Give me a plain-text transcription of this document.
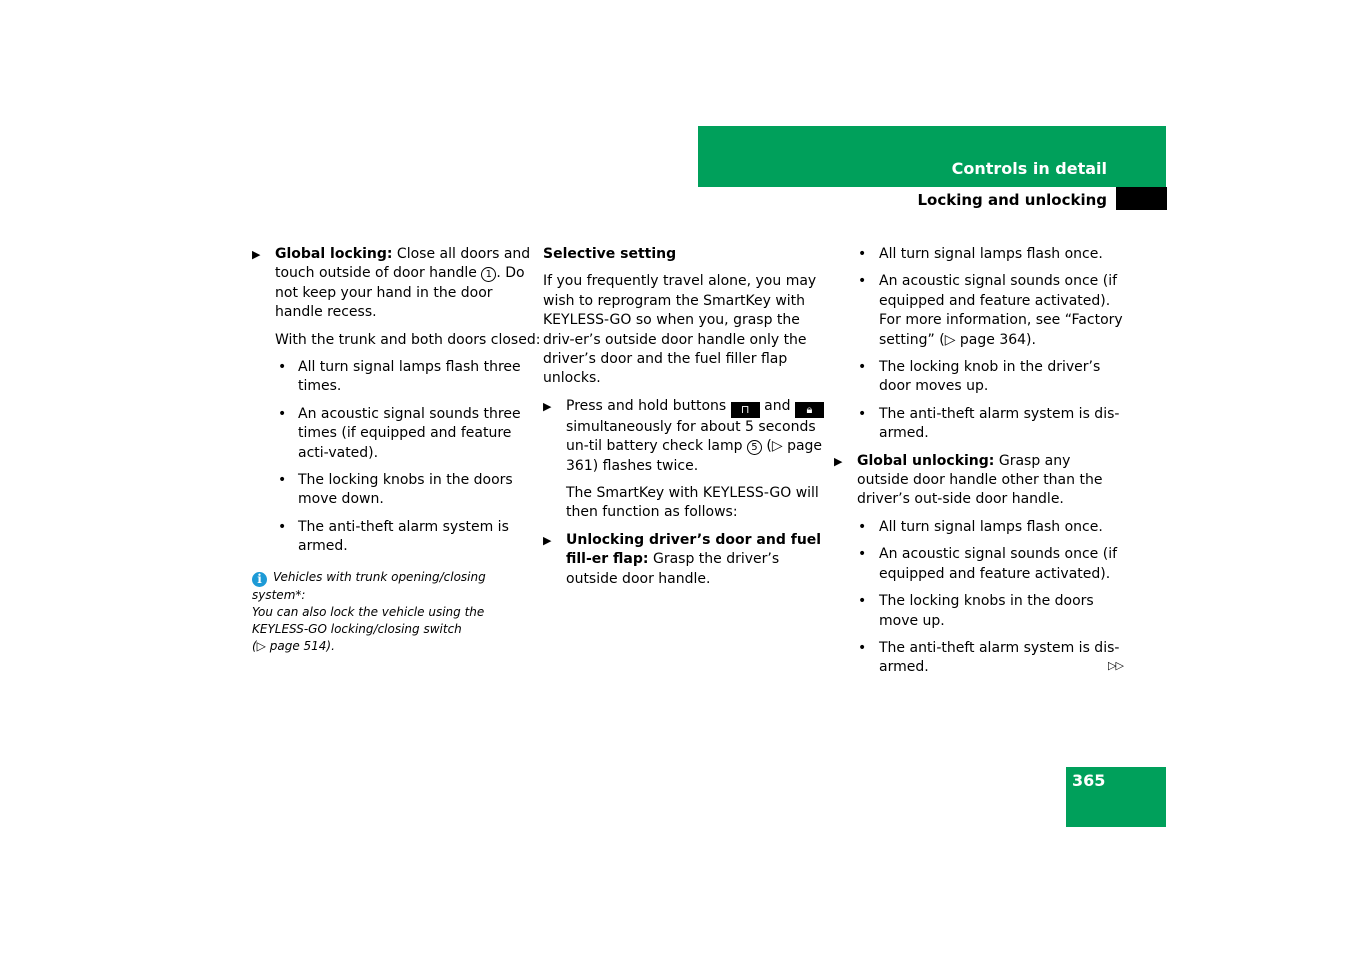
Controls in detail
Locking and unlocking
▶ Global locking: Close all doors and touch outside of door handle 1 . Do not keep your hand in the door handle recess.
With the trunk and both doors closed:
• All turn signal lamps flash three times.
• An acoustic signal sounds three times (if equipped and feature acti-vated).
• The locking knobs in the doors move down.
• The anti-theft alarm system is armed.
i Vehicles with trunk opening/closing system*:
You can also lock the vehicle using the KEYLESS-GO locking/closing switch
(▷ page 514).
Selective setting
If you frequently travel alone, you may wish to reprogram the SmartKey with KEYLESS-GO so when you, grasp the driv-er’s outside door handle only the driver’s door and the fuel filler flap unlocks.
▶ Press and hold buttons ⊓ and 🔒︎ simultaneously for about 5 seconds un-til battery check lamp 5 (▷ page 361) flashes twice.
The SmartKey with KEYLESS-GO will then function as follows:
▶ Unlocking driver’s door and fuel fill-er flap: Grasp the driver’s outside door handle.
• All turn signal lamps flash once.
• An acoustic signal sounds once (if equipped and feature activated). For more information, see “Factory setting” (▷ page 364).
• The locking knob in the driver’s door moves up.
• The anti-theft alarm system is dis-armed.
▶ Global unlocking: Grasp any outside door handle other than the driver’s out-side door handle.
• All turn signal lamps flash once.
• An acoustic signal sounds once (if equipped and feature activated).
• The locking knobs in the doors move up.
• The anti-theft alarm system is dis-armed.	▷▷
365
